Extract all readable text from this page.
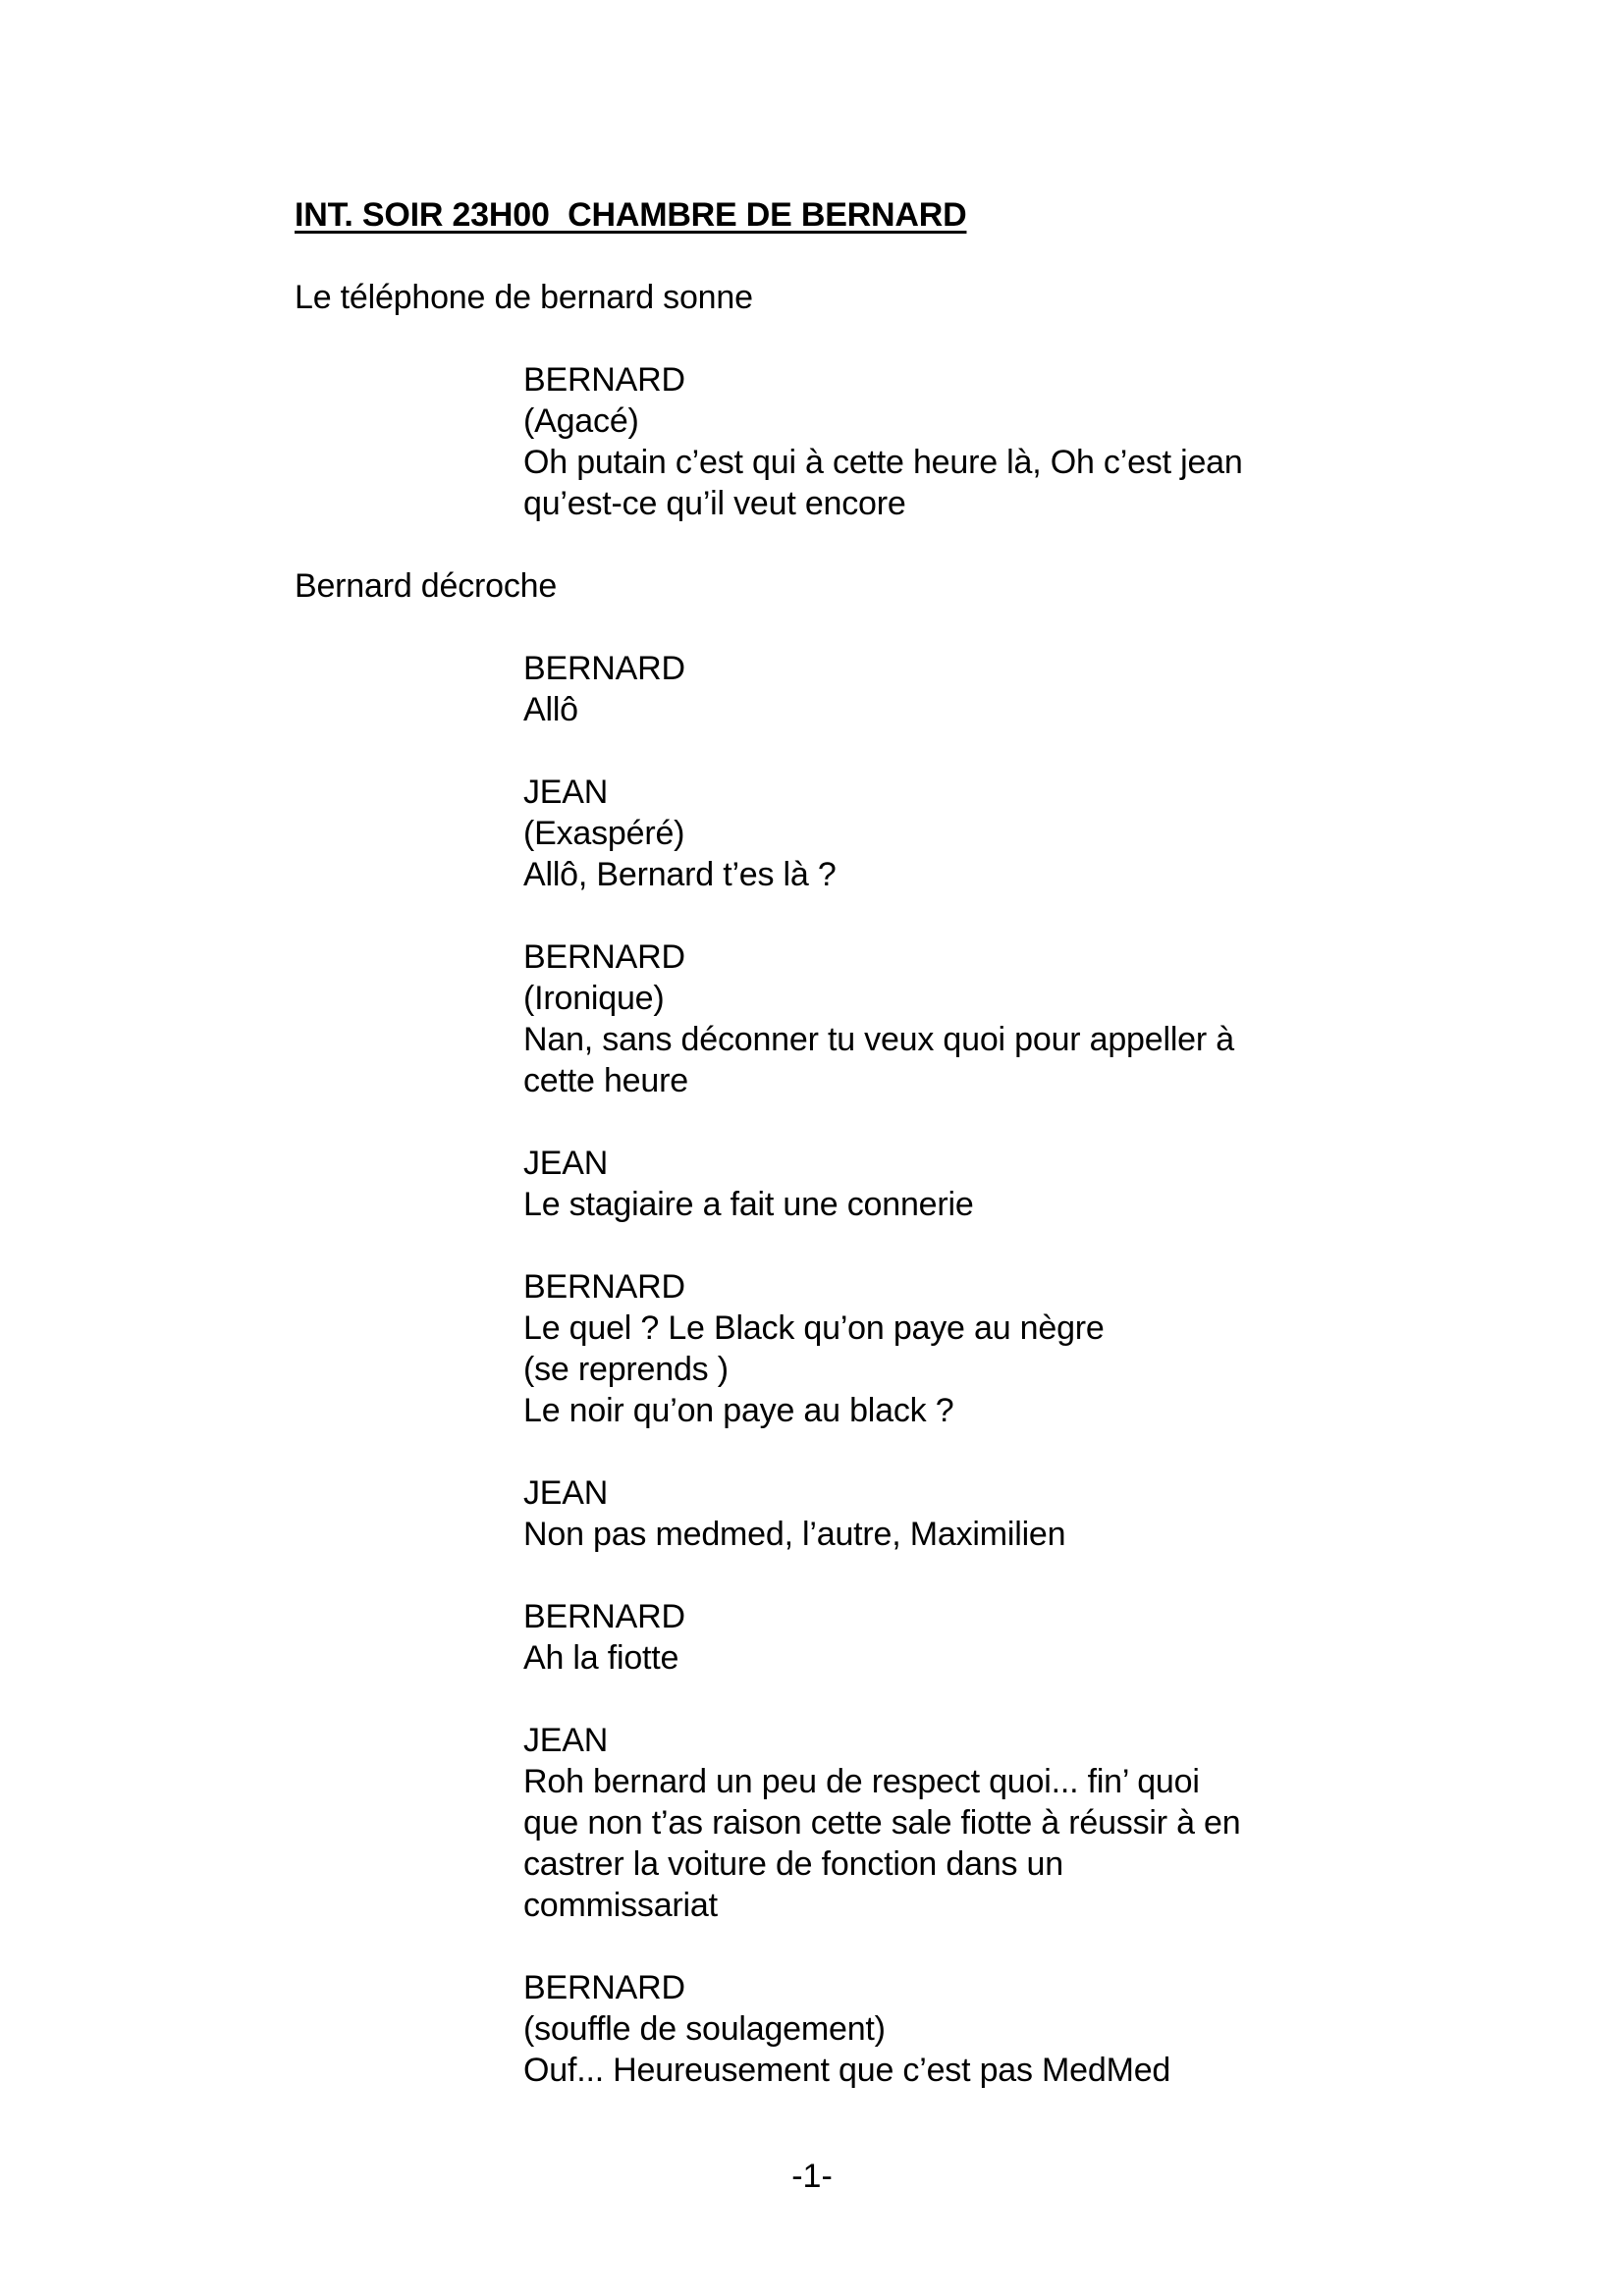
INT. SOIR 23H00  CHAMBRE DE BERNARD
Le téléphone de bernard sonne
BERNARD
(Agacé)
Oh putain c’est qui à cette heure là, Oh c’est jean
qu’est-ce qu’il veut encore
Bernard décroche
BERNARD
Allô
JEAN
(Exaspéré)
Allô, Bernard t’es là ?
BERNARD
(Ironique)
Nan, sans déconner tu veux quoi pour appeller à
cette heure
JEAN
Le stagiaire a fait une connerie
BERNARD
Le quel ? Le Black qu’on paye au nègre
(se reprends )
Le noir qu’on paye au black ?
JEAN
Non pas medmed, l’autre, Maximilien
BERNARD
Ah la fiotte
JEAN
Roh bernard un peu de respect quoi... fin’ quoi
que non t’as raison cette sale fiotte à réussir à en
castrer la voiture de fonction dans un
commissariat
BERNARD
(souffle de soulagement)
Ouf... Heureusement que c’est pas MedMed
-1-
